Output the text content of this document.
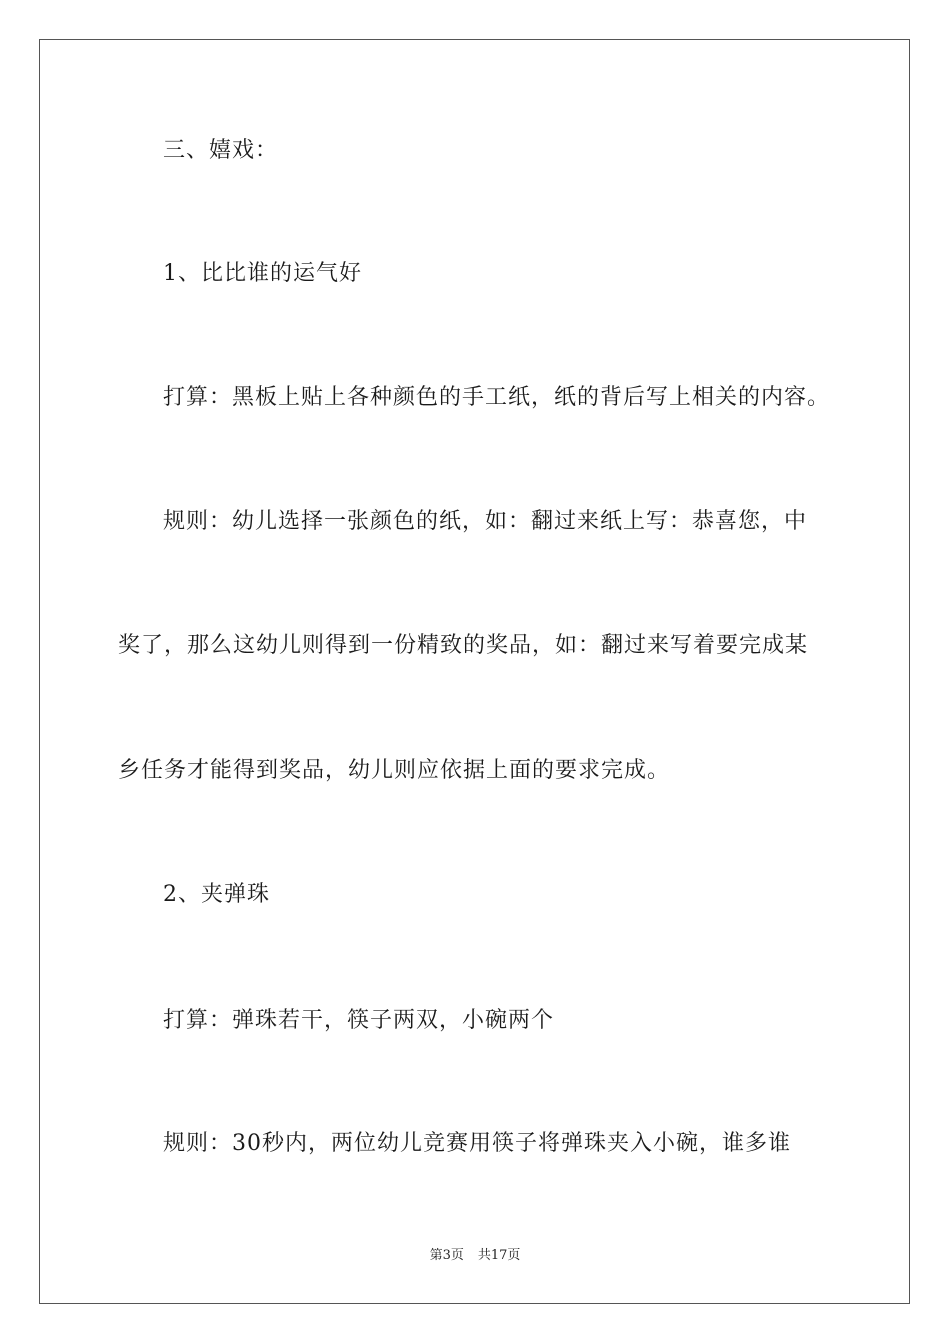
三、嬉戏：
1、比比谁的运气好
打算：黑板上贴上各种颜色的手工纸，纸的背后写上相关的内容。
规则：幼儿选择一张颜色的纸，如：翻过来纸上写：恭喜您，中
奖了，那么这幼儿则得到一份精致的奖品，如：翻过来写着要完成某
乡任务才能得到奖品，幼儿则应依据上面的要求完成。
2、夹弹珠
打算：弹珠若干，筷子两双，小碗两个
规则：30秒内，两位幼儿竞赛用筷子将弹珠夹入小碗，谁多谁
第3页 共17页
